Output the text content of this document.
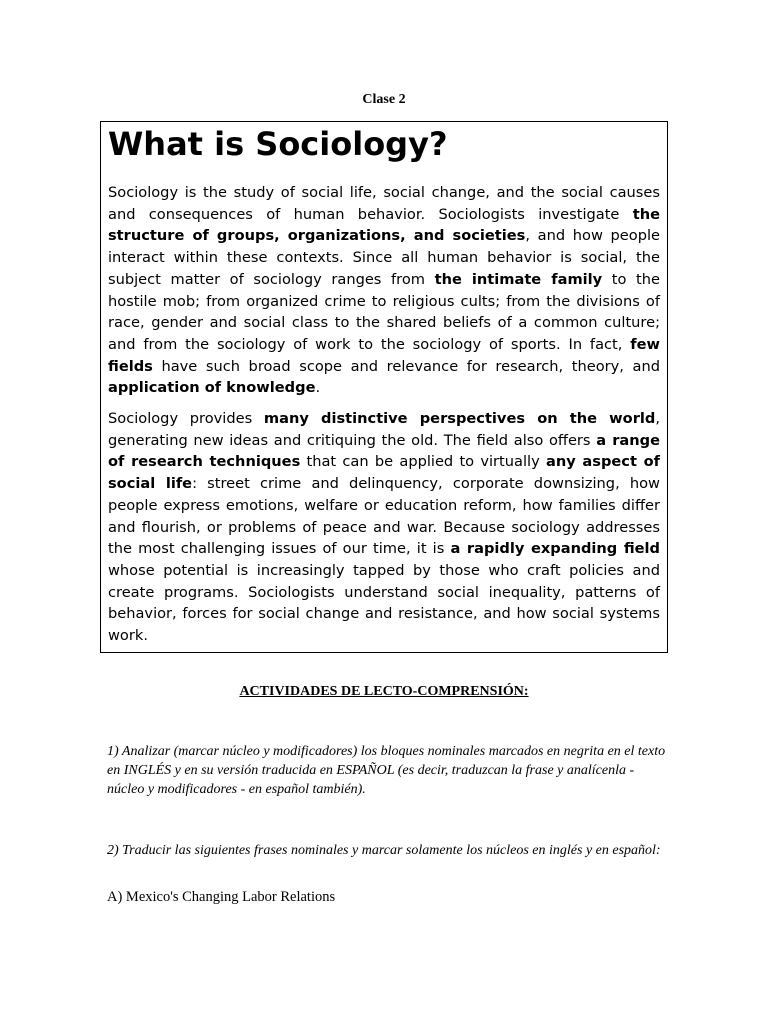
Clase 2
What is Sociology?

Sociology is the study of social life, social change, and the social causes and consequences of human behavior. Sociologists investigate the structure of groups, organizations, and societies, and how people interact within these contexts. Since all human behavior is social, the subject matter of sociology ranges from the intimate family to the hostile mob; from organized crime to religious cults; from the divisions of race, gender and social class to the shared beliefs of a common culture; and from the sociology of work to the sociology of sports. In fact, few fields have such broad scope and relevance for research, theory, and application of knowledge.

Sociology provides many distinctive perspectives on the world, generating new ideas and critiquing the old. The field also offers a range of research techniques that can be applied to virtually any aspect of social life: street crime and delinquency, corporate downsizing, how people express emotions, welfare or education reform, how families differ and flourish, or problems of peace and war. Because sociology addresses the most challenging issues of our time, it is a rapidly expanding field whose potential is increasingly tapped by those who craft policies and create programs. Sociologists understand social inequality, patterns of behavior, forces for social change and resistance, and how social systems work.

ACTIVIDADES DE LECTO-COMPRENSIÓN:
1) Analizar (marcar núcleo y modificadores) los bloques nominales marcados en negrita en el texto en INGLÉS y en su versión traducida en ESPAÑOL (es decir, traduzcan la frase y analícenla -núcleo y modificadores - en español también).
2) Traducir las siguientes frases nominales y marcar solamente los núcleos en inglés y en español:
A) Mexico's Changing Labor Relations
